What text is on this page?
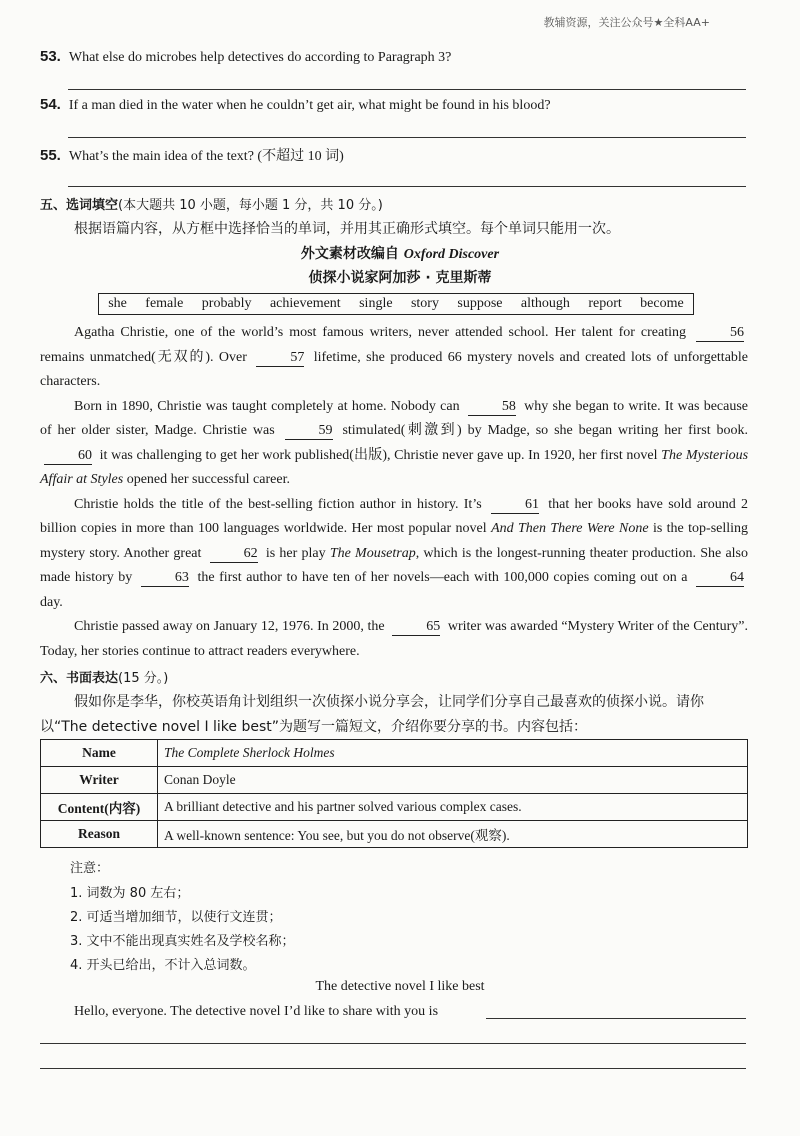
教辅资源，关注公众号★全科AA+
53. What else do microbes help detectives do according to Paragraph 3?
54. If a man died in the water when he couldn’t get air, what might be found in his blood?
55. What’s the main idea of the text? (不超过 10 词)
五、选词填空(本大题共 10 小题，每小题 1 分，共 10 分。)
根据语篇内容，从方框中选择恰当的单词，并用其正确形式填空。每个单词只能用一次。
外文素材改编自 Oxford Discover
侦探小说家阿加莎 · 克里斯蒂
she female probably achievement single story suppose although report become

Agatha Christie, one of the world’s most famous writers, never attended school. Her talent for creating	56 remains unmatched(无双的). Over	57 lifetime, she produced 66 mystery novels and created lots of unforgettable characters.

Born in 1890, Christie was taught completely at home. Nobody can	58 why she began to write. It was because of her older sister, Madge. Christie was	59 stimulated(刺激到) by Madge, so she began writing her first book. 60 it was challenging to get her work published(出版), Christie never gave up. In 1920, her first novel The Mysterious Affair at Styles opened her successful career.

Christie holds the title of the best-selling fiction author in history. It’s	61 that her books have sold around 2 billion copies in more than 100 languages worldwide. Her most popular novel And Then There Were None is the top-selling mystery story. Another great	62 is her play The Mousetrap, which is the longest-running theater production. She also made history by	63 the first author to have ten of her novels—each with 100,000 copies coming out on a	64 day.

Christie passed away on January 12, 1976. In 2000, the	65 writer was awarded “Mystery Writer of the Century”. Today, her stories continue to attract readers everywhere.

六、书面表达(15 分。)
假如你是李华，你校英语角计划组织一次侦探小说分享会，让同学们分享自己最喜欢的侦探小说。请你以“The detective novel I like best”为题写一篇短文，介绍你要分享的书。内容包括：
Name	The Complete Sherlock Holmes
Writer	Conan Doyle
Content(内容)	A brilliant detective and his partner solved various complex cases.
Reason	A well-known sentence: You see, but you do not observe(观察).
注意：
1. 词数为 80 左右；
2. 可适当增加细节，以使行文连贯；
3. 文中不能出现真实姓名及学校名称；
4. 开头已给出，不计入总词数。
The detective novel I like best
Hello, everyone. The detective novel I’d like to share with you is
